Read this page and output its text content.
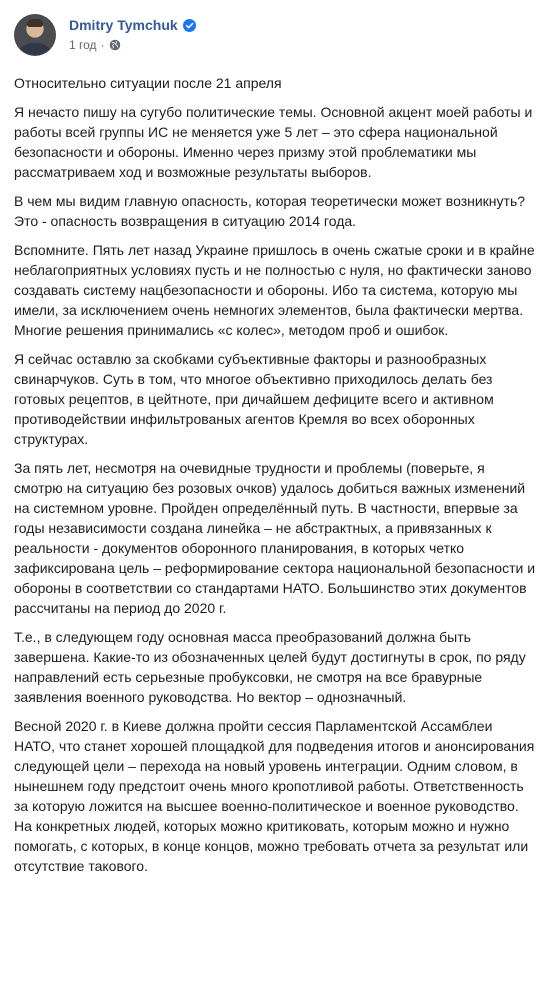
Dmitry Tymchuk
1 год ·

Относительно ситуации после 21 апреля

Я нечасто пишу на сугубо политические темы. Основной акцент моей работы и работы всей группы ИС не меняется уже 5 лет – это сфера национальной безопасности и обороны. Именно через призму этой проблематики мы рассматриваем ход и возможные результаты выборов.

В чем мы видим главную опасность, которая теоретически может возникнуть? Это - опасность возвращения в ситуацию 2014 года.

Вспомните. Пять лет назад Украине пришлось в очень сжатые сроки и в крайне неблагоприятных условиях пусть и не полностью с нуля, но фактически заново создавать систему нацбезопасности и обороны. Ибо та система, которую мы имели, за исключением очень немногих элементов, была фактически мертва. Многие решения принимались «с колес», методом проб и ошибок.

Я сейчас оставлю за скобками субъективные факторы и разнообразных свинарчуков. Суть в том, что многое объективно приходилось делать без готовых рецептов, в цейтноте, при дичайшем дефиците всего и активном противодействии инфильтрованых агентов Кремля во всех оборонных структурах.

За пять лет, несмотря на очевидные трудности и проблемы (поверьте, я смотрю на ситуацию без розовых очков) удалось добиться важных изменений на системном уровне. Пройден определённый путь. В частности, впервые за годы независимости создана линейка – не абстрактных, а привязанных к реальности - документов оборонного планирования, в которых четко зафиксирована цель – реформирование сектора национальной безопасности и обороны в соответствии со стандартами НАТО. Большинство этих документов рассчитаны на период до 2020 г.

Т.е., в следующем году основная масса преобразований должна быть завершена. Какие-то из обозначенных целей будут достигнуты в срок, по ряду направлений есть серьезные пробуксовки, не смотря на все бравурные заявления военного руководства. Но вектор – однозначный.

Весной 2020 г. в Киеве должна пройти сессия Парламентской Ассамблеи НАТО, что станет хорошей площадкой для подведения итогов и анонсирования следующей цели – перехода на новый уровень интеграции. Одним словом, в нынешнем году предстоит очень много кропотливой работы. Ответственность за которую ложится на высшее военно-политическое и военное руководство. На конкретных людей, которых можно критиковать, которым можно и нужно помогать, с которых, в конце концов, можно требовать отчета за результат или отсутствие такового.
